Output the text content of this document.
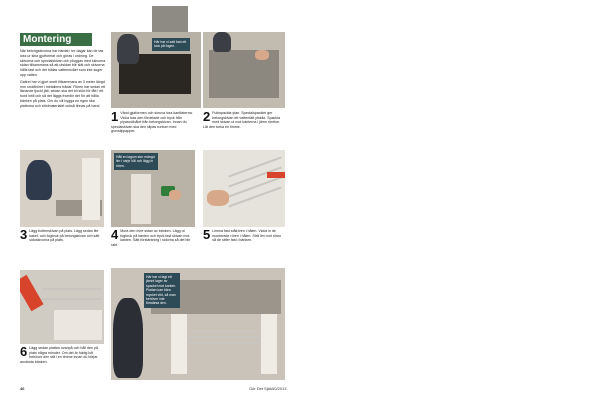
Montering

När betongskivorna har härdat i tre dagar kan de tas loss ur sina gjutformar och göras i ordning. De skivorna och specialskivan och pluggas med skivorna sidan tillsammans så att utsidan blir slät och skivorna hålls fast och det bildas vattennivåer som inte suger upp vatten.

Gallret har vi gjort snett tillsammans av 3 meter längd mm smältröret i metallens trådar. Rören har sedan ett liknande tjockt jätt, sedan ska det bli stöd för fått i ett bord intill och så det läggs framför det för att hålla bänken på plats. Om du vill bygga en egen ska plattorna och stödmaterialet också finnas på hand.

Här har vi satt fast ett lock på fogen.
1 Vänd gjutformen och skruva loss kantlisterna. Vicka loss den fördelade och tryck från plywoodhålet från betongskivan. Innan du specialskivan ska den slipas runtom med grovslippapper.
2 Fuktspackla ytan. Specialspacklet ger betongskivan ett vattentätt ytskikt. Spackla med skivan ut mot kanterna i jämn rörelse. Låt den torka en timme.
Håll en lagom stor mängd lim i varje hål och lägg in rören.
3 Lägg bottenskivan på plats. Lägg sedan lite kakel- och fogbruk på betongskivan och sätt sidoskivorna på plats.	4 Mura den övre sidan av bänken. Lägg ut fogbruk på kanten och tryck fast skivan mot kanten. Sätt förstärkning i sidorna så det blir rakt.
5 Limma fast stålrören i hålen. Vicka in de monterade rören i hålen. Strå lim runt rören så de sitter fast i bänken.
Här har vi lagt ett jämnt lager av spackel mot kanten. Plattan kan bära mycket vikt, så man behöver inte förstärka den.
6 Lägg sedan plattan ovanpå och håll den på plats några minuter. Om det är fuktig luft behöver den stå i en timme innan du börjar använda bänken.
46	Gör Det Själv 10/2013
